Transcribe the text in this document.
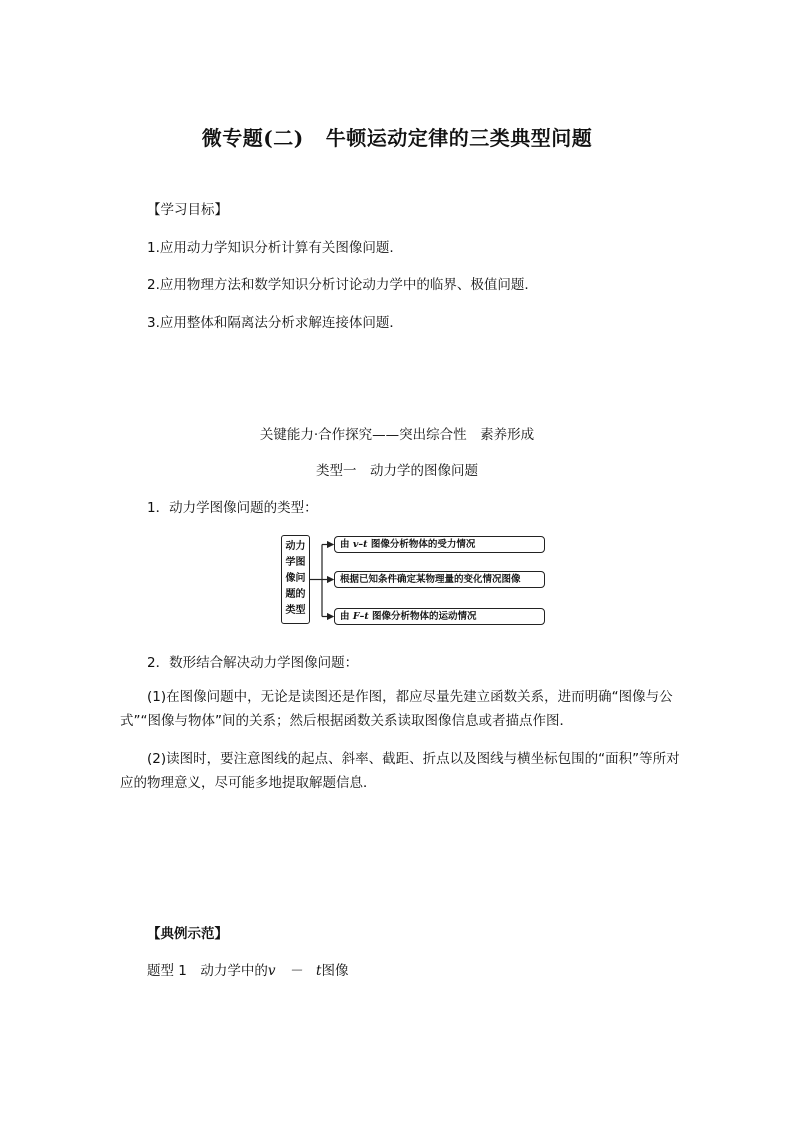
微专题(二) 牛顿运动定律的三类典型问题
【学习目标】
1.应用动力学知识分析计算有关图像问题.
2.应用物理方法和数学知识分析讨论动力学中的临界、极值问题.
3.应用整体和隔离法分析求解连接体问题．
关键能力·合作探究——突出综合性　素养形成
类型一　动力学的图像问题
1．动力学图像问题的类型：
动力
学图
像问
题的
类型
由 v–t 图像分析物体的受力情况
根据已知条件确定某物理量的变化情况图像
由 F–t 图像分析物体的运动情况
2．数形结合解决动力学图像问题：
(1)在图像问题中，无论是读图还是作图，都应尽量先建立函数关系，进而明确“图像与公式”“图像与物体”间的关系；然后根据函数关系读取图像信息或者描点作图．
(2)读图时，要注意图线的起点、斜率、截距、折点以及图线与横坐标包围的“面积”等所对应的物理意义，尽可能多地提取解题信息．
【典例示范】
题型 1　动力学中的v　－　t图像
